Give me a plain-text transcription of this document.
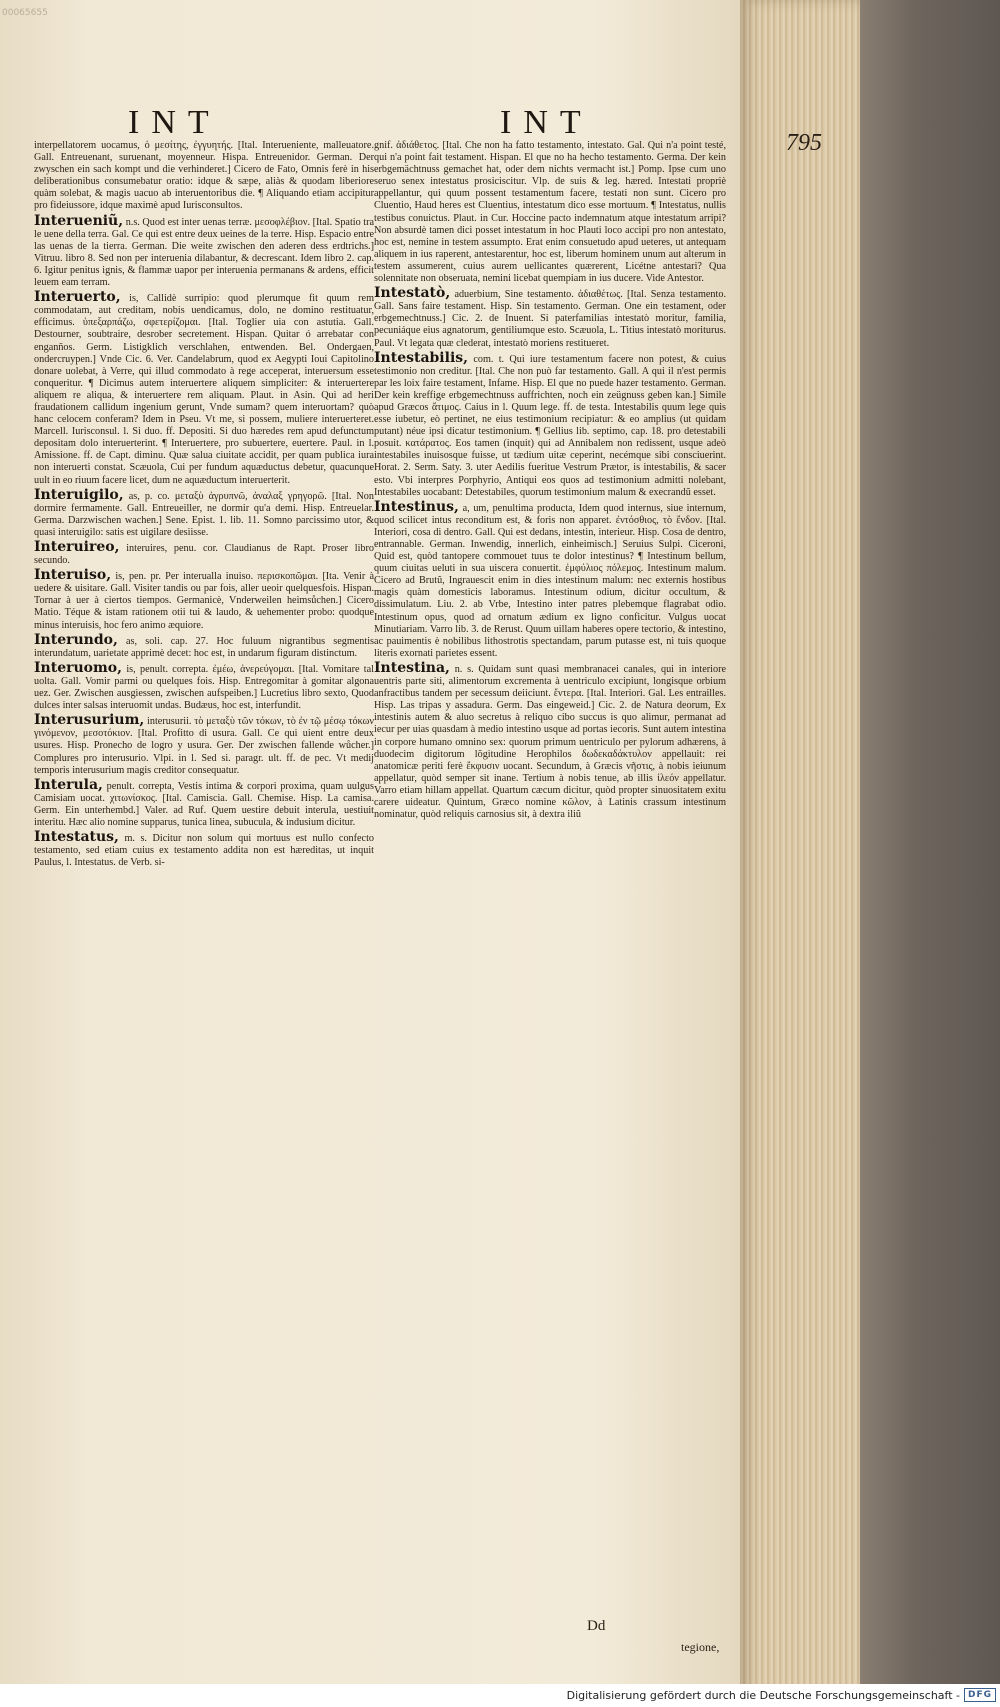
00065655
INT	INT
795

interpellatorem uocamus, ὁ μεσίτης, ἐγγυητής. [Ital. Interueniente, malleuatore. Gall. Entreuenant, suruenant, moyenneur. Hispa. Entreuenidor. German. Der zwyschen ein sach kompt und die verhinderet.] Cicero de Fato, Omnis ferè in his deliberationibus consumebatur oratio: idque & sæpe, aliàs & quodam liberiore quàm solebat, & magis uacuo ab interuentoribus die. ¶ Aliquando etiam accipitur pro fideiussore, idque maximè apud Iurisconsultos.

Interueniũ, n.s. Quod est inter uenas terræ. μεσοφλέβιον. [Ital. Spatio tra le uene della terra. Gal. Ce qui est entre deux ueines de la terre. Hisp. Espacio entre las uenas de la tierra. German. Die weite zwischen den aderen dess erdtrichs.] Vitruu. libro 8. Sed non per interuenia dilabantur, & decrescant. Idem libro 2. cap. 6. Igitur penitus ignis, & flammæ uapor per interuenia permanans & ardens, efficit leuem eam terram.

Interuerto, is, Callidè surripio: quod plerumque fit quum rem commodatam, aut creditam, nobis uendicamus, dolo, ne domino restituatur, efficimus. ὑπεξαρπάζω, σφετερίζομαι. [Ital. Toglier uia con astutia. Gall. Destourner, soubtraire, desrober secretement. Hispan. Quitar ó arrebatar con enganños. Germ. Listigklich verschlahen, entwenden. Bel. Ondergaen, ondercruypen.] Vnde Cic. 6. Ver. Candelabrum, quod ex Aegypti Ioui Capitolino donare uolebat, à Verre, qui illud commodato à rege acceperat, interuersum esse conqueritur. ¶ Dicimus autem interuertere aliquem simpliciter: & interuertere aliquem re aliqua, & interuertere rem aliquam. Plaut. in Asin. Qui ad heri fraudationem callidum ingenium gerunt, Vnde sumam? quem interuortam? quò hanc celocem conferam? Idem in Pseu. Vt me, si possem, muliere interuerteret. Marcell. Iurisconsul. l. Si duo. ff. Depositi. Si duo hæredes rem apud defunctum depositam dolo interuerterint. ¶ Interuertere, pro subuertere, euertere. Paul. in l. Amissione. ff. de Capt. diminu. Quæ salua ciuitate accidit, per quam publica iura non interuerti constat. Scæuola, Cui per fundum aquæductus debetur, quacunque uult in eo riuum facere licet, dum ne aquæductum interuerterit.

Interuigilo, as, p. co. μεταξὺ ἀγρυπνῶ, ἀναλαξ γρηγορῶ. [Ital. Non dormire fermamente. Gall. Entreueiller, ne dormir qu'a demi. Hisp. Entreuelar. Germa. Darzwischen wachen.] Sene. Epist. 1. lib. 11. Somno parcissimo utor, & quasi interuigilo: satis est uigilare desiisse.

Interuireo, interuires, penu. cor. Claudianus de Rapt. Proser libro secundo.

Interuiso, is, pen. pr. Per interualla inuiso. περισκοπῶμαι. [Ita. Venir à uedere & uisitare. Gall. Visiter tandis ou par fois, aller ueoir quelquesfois. Hispan. Tornar à uer à ciertos tiempos. Germanicè, Vnderweilen heimsůchen.] Cicero Matio. Téque & istam rationem otii tui & laudo, & uehementer probo: quodque minus interuisis, hoc fero animo æquiore.

Interundo, as, soli. cap. 27. Hoc fuluum nigrantibus segmentis interundatum, uarietate apprimè decet: hoc est, in undarum figuram distinctum.

Interuomo, is, penult. correpta. ἐμέω, ἀνερεύγομαι. [Ital. Vomitare tal uolta. Gall. Vomir parmi ou quelques fois. Hisp. Entregomitar à gomitar algona uez. Ger. Zwischen ausgiessen, zwischen aufspeiben.] Lucretius libro sexto, Quod dulces inter salsas interuomit undas. Budæus, hoc est, interfundit.

Interusurium, interusurii. τὸ μεταξὺ τῶν τόκων, τὸ ἐν τῷ μέσῳ τόκων γινόμενον, μεσοτόκιον. [Ital. Profitto di usura. Gall. Ce qui uient entre deux usures. Hisp. Pronecho de logro y usura. Ger. Der zwischen fallende wůcher.] Complures pro interusurio. Vlpi. in l. Sed si. paragr. ult. ff. de pec. Vt medij temporis interusurium magis creditor consequatur.

Interula, penult. correpta, Vestis intima & corpori proxima, quam uulgus Camisiam uocat. χιτωνίσκος. [Ital. Camiscia. Gall. Chemise. Hisp. La camisa. Germ. Ein unterhembd.] Valer. ad Ruf. Quem uestire debuit interula, uestiuit interitu. Hæc alio nomine supparus, tunica linea, subucula, & indusium dicitur.

Intestatus, m. s. Dicitur non solum qui mortuus est nullo confecto testamento, sed etiam cuius ex testamento addita non est hæreditas, ut inquit Paulus, l. Intestatus. de Verb. si-

gnif. ἀδιάθετος. [Ital. Che non ha fatto testamento, intestato. Gal. Qui n'a point testé, qui n'a point fait testament. Hispan. El que no ha hecho testamento. Germa. Der kein erbgemächtnuss gemachet hat, oder dem nichts vermacht ist.] Pomp. Ipse cum uno seruo senex intestatus prosiciscitur. Vlp. de suis & leg. hæred. Intestati propriè appellantur, qui quum possent testamentum facere, testati non sunt. Cicero pro Cluentio, Haud heres est Cluentius, intestatum dico esse mortuum. ¶ Intestatus, nullis testibus conuictus. Plaut. in Cur. Hoccine pacto indemnatum atque intestatum arripi? Non absurdè tamen dici posset intestatum in hoc Plauti loco accipi pro non antestato, hoc est, nemine in testem assumpto. Erat enim consuetudo apud ueteres, ut antequam aliquem in ius raperent, antestarentur, hoc est, liberum hominem unum aut alterum in testem assumerent, cuius aurem uellicantes quærerent, Licétne antestari? Qua solennitate non obseruata, nemini licebat quempiam in ius ducere. Vide Antestor.

Intestatò, aduerbium, Sine testamento. ἀδιαθέτως. [Ital. Senza testamento. Gall. Sans faire testament. Hisp. Sin testamento. German. One ein testament, oder erbgemechtnuss.] Cic. 2. de Inuent. Si paterfamilias intestatò moritur, familia, pecuniáque eius agnatorum, gentiliumque esto. Scæuola, L. Titius intestatò moriturus. Paul. Vt legata quæ clederat, intestatò moriens restitueret.

Intestabilis, com. t. Qui iure testamentum facere non potest, & cuius testimonio non creditur. [Ital. Che non può far testamento. Gall. A qui il n'est permis par les loix faire testament, Infame. Hisp. El que no puede hazer testamento. German. Der kein kreffige erbgemechtnuss auffrichten, noch ein zeügnuss geben kan.] Simile apud Græcos ἄτιμος. Caius in l. Quum lege. ff. de testa. Intestabilis quum lege quis esse iubetur, eò pertinet, ne eius testimonium recipiatur: & eo amplius (ut quidam putant) néue ipsi dicatur testimonium. ¶ Gellius lib. septimo, cap. 18. pro detestabili posuit. κατάρατος. Eos tamen (inquit) qui ad Annibalem non redissent, usque adeò intestabiles inuisosque fuisse, ut tædium uitæ ceperint, necémque sibi consciuerint. Horat. 2. Serm. Saty. 3. uter Aedilis fueritue Vestrum Prætor, is intestabilis, & sacer esto. Vbi interpres Porphyrio, Antiqui eos quos ad testimonium admitti nolebant, Intestabiles uocabant: Detestabiles, quorum testimonium malum & execrandũ esset.

Intestinus, a, um, penultima producta, Idem quod internus, siue internum, quod scilicet intus reconditum est, & foris non apparet. ἐντόσθιος, τὸ ἔνδον. [Ital. Interiori, cosa di dentro. Gall. Qui est dedans, intestin, interieur. Hisp. Cosa de dentro, entrannable. German. Inwendig, innerlich, einheimisch.] Seruius Sulpi. Ciceroni, Quid est, quòd tantopere commouet tuus te dolor intestinus? ¶ Intestinum bellum, quum ciuitas ueluti in sua uiscera conuertit. ἐμφύλιος πόλεμος. Intestinum malum. Cicero ad Brutũ, Ingrauescit enim in dies intestinum malum: nec externis hostibus magis quàm domesticis laboramus. Intestinum odium, dicitur occultum, & dissimulatum. Liu. 2. ab Vrbe, Intestino inter patres plebemque flagrabat odio. Intestinum opus, quod ad ornatum ædium ex ligno conficitur. Vulgus uocat Minutiariam. Varro lib. 3. de Rerust. Quum uillam haberes opere tectorio, & intestino, ac pauimentis è nobilibus lithostrotis spectandam, parum putasse est, ni tuis quoque literis exornati parietes essent.

Intestina, n. s. Quidam sunt quasi membranacei canales, qui in interiore uentris parte siti, alimentorum excrementa à uentriculo excipiunt, longisque orbium anfractibus tandem per secessum deiiciunt. ἔντερα. [Ital. Interiori. Gal. Les entrailles. Hisp. Las tripas y assadura. Germ. Das eingeweid.] Cic. 2. de Natura deorum, Ex intestinis autem & aluo secretus à reliquo cibo succus is quo alimur, permanat ad iecur per uias quasdam à medio intestino usque ad portas iecoris. Sunt autem intestina in corpore humano omnino sex: quorum primum uentriculo per pylorum adhærens, à duodecim digitorum lõgitudine Herophilos δωδεκαδάκτυλον appellauit: rei anatomicæ periti ferè ἔκφυσιν uocant. Secundum, à Græcis νῆστις, à nobis ieiunum appellatur, quòd semper sit inane. Tertium à nobis tenue, ab illis ἰλεόν appellatur. Varro etiam hillam appellat. Quartum cæcum dicitur, quòd propter sinuositatem exitu carere uideatur. Quintum, Græco nomine κῶλον, à Latinis crassum intestinum nominatur, quòd reliquis carnosius sit, à dextra iliũ

Dd
tegione,
Digitalisierung gefördert durch die Deutsche Forschungsgemeinschaft - DFG
